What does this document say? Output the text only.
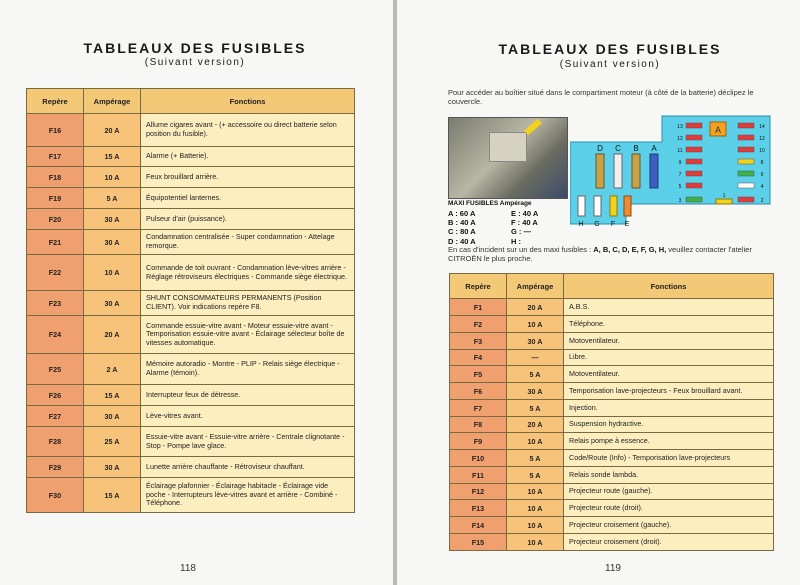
TABLEAUX DES FUSIBLES
(Suivant version)
Repère	Ampérage	Fonctions
F16	20 A	Allume cigares avant - (+ accessoire ou direct batterie selon position du fusible).
F17	15 A	Alarme (+ Batterie).
F18	10 A	Feux brouillard arrière.
F19	5 A	Équipotentiel lanternes.
F20	30 A	Pulseur d'air (puissance).
F21	30 A	Condamnation centralisée - Super condamnation - Attelage remorque.
F22	10 A	Commande de toit ouvrant - Condamnation lève-vitres arrière - Réglage rétroviseurs électriques - Commande siège électrique.
F23	30 A	SHUNT CONSOMMATEURS PERMANENTS (Position CLIENT). Voir indications repère F8.
F24	20 A	Commande essuie-vitre avant - Moteur essuie-vitre avant - Temporisation essuie-vitre avant - Éclairage sélecteur boîte de vitesses automatique.
F25	2 A	Mémoire autoradio - Montre - PLIP - Relais siège électrique - Alarme (témoin).
F26	15 A	Interrupteur feux de détresse.
F27	30 A	Lève-vitres avant.
F28	25 A	Essuie-vitre avant - Essuie-vitre arrière - Centrale clignotante - Stop - Pompe lave glace.
F29	30 A	Lunette arrière chauffante - Rétroviseur chauffant.
F30	15 A	Éclairage plafonnier - Éclairage habitacle - Éclairage vide poche - Interrupteurs lève-vitres avant et arrière - Combiné - Téléphone.
118
TABLEAUX DES FUSIBLES
(Suivant version)
Pour accéder au boîtier situé dans le compartiment moteur (à côté de la batterie) déclipez le couvercle.
MAXI FUSIBLES Ampérage
A : 60 A	E : 40 A
B : 40 A	F : 40 A
C : 80 A	G : —
D : 40 A	H :
A
D C B A
H G F E
13
12
11
9
7
5
3
14
12
10
8
6
4
2
1
En cas d'incident sur un des maxi fusibles : A, B, C, D, E, F, G, H, veuillez contacter l'atelier CITROËN le plus proche.
Repère	Ampérage	Fonctions
F1	20 A	A.B.S.
F2	10 A	Téléphone.
F3	30 A	Motoventilateur.
F4	—	Libre.
F5	5 A	Motoventilateur.
F6	30 A	Temporisation lave-projecteurs - Feux brouillard avant.
F7	5 A	Injection.
F8	20 A	Suspension hydractive.
F9	10 A	Relais pompe à essence.
F10	5 A	Code/Route (Info) - Temporisation lave-projecteurs
F11	5 A	Relais sonde lambda.
F12	10 A	Projecteur route (gauche).
F13	10 A	Projecteur route (droit).
F14	10 A	Projecteur croisement (gauche).
F15	10 A	Projecteur croisement (droit).
119
